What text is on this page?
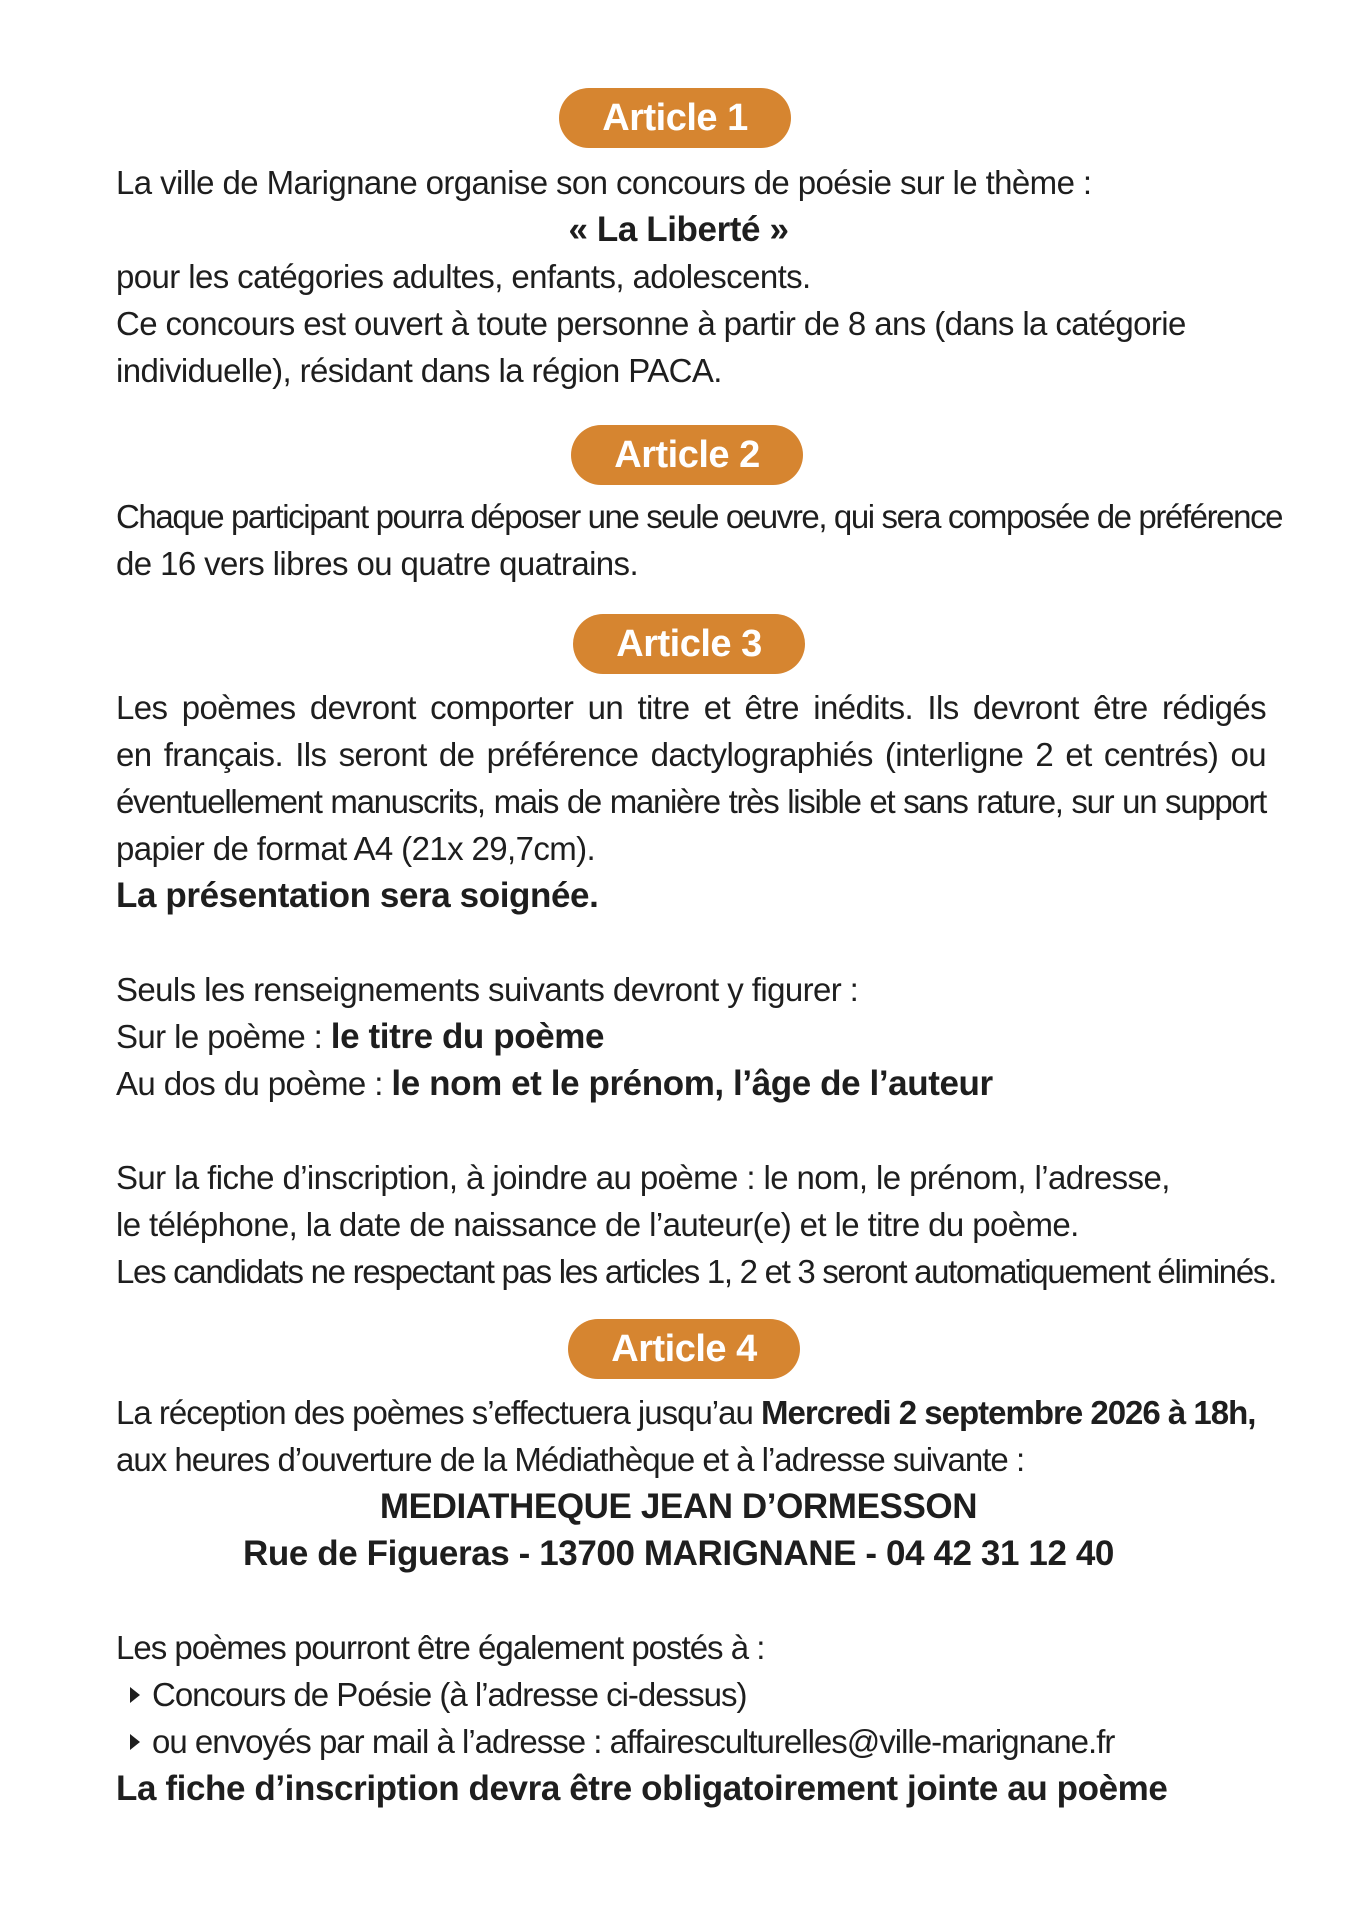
Article 1
La ville de Marignane organise son concours de poésie sur le thème :
« La Liberté »
pour les catégories adultes, enfants, adolescents.
Ce concours est ouvert à toute personne à partir de 8 ans (dans la catégorie
individuelle), résidant dans la région PACA.
Article 2
Chaque participant pourra déposer une seule oeuvre, qui sera composée de préférence
de 16 vers libres ou quatre quatrains.
Article 3
Les poèmes devront comporter un titre et être inédits. Ils devront être rédigés
en français. Ils seront de préférence dactylographiés (interligne 2 et centrés) ou
éventuellement manuscrits, mais de manière très lisible et sans rature, sur un support
papier de format A4 (21x 29,7cm).
La présentation sera soignée.
Seuls les renseignements suivants devront y figurer :
Sur le poème : le titre du poème
Au dos du poème : le nom et le prénom, l’âge de l’auteur
Sur la fiche d’inscription, à joindre au poème : le nom, le prénom, l’adresse,
le téléphone, la date de naissance de l’auteur(e) et le titre du poème.
Les candidats ne respectant pas les articles 1, 2 et 3 seront automatiquement éliminés.
Article 4
La réception des poèmes s’effectuera jusqu’au Mercredi 2 septembre 2026 à 18h,
aux heures d’ouverture de la Médiathèque et à l’adresse suivante :
MEDIATHEQUE JEAN D’ORMESSON
Rue de Figueras - 13700 MARIGNANE - 04 42 31 12 40
Les poèmes pourront être également postés à :
Concours de Poésie (à l’adresse ci-dessus)
ou envoyés par mail à l’adresse : affairesculturelles@ville-marignane.fr
La fiche d’inscription devra être obligatoirement jointe au poème
